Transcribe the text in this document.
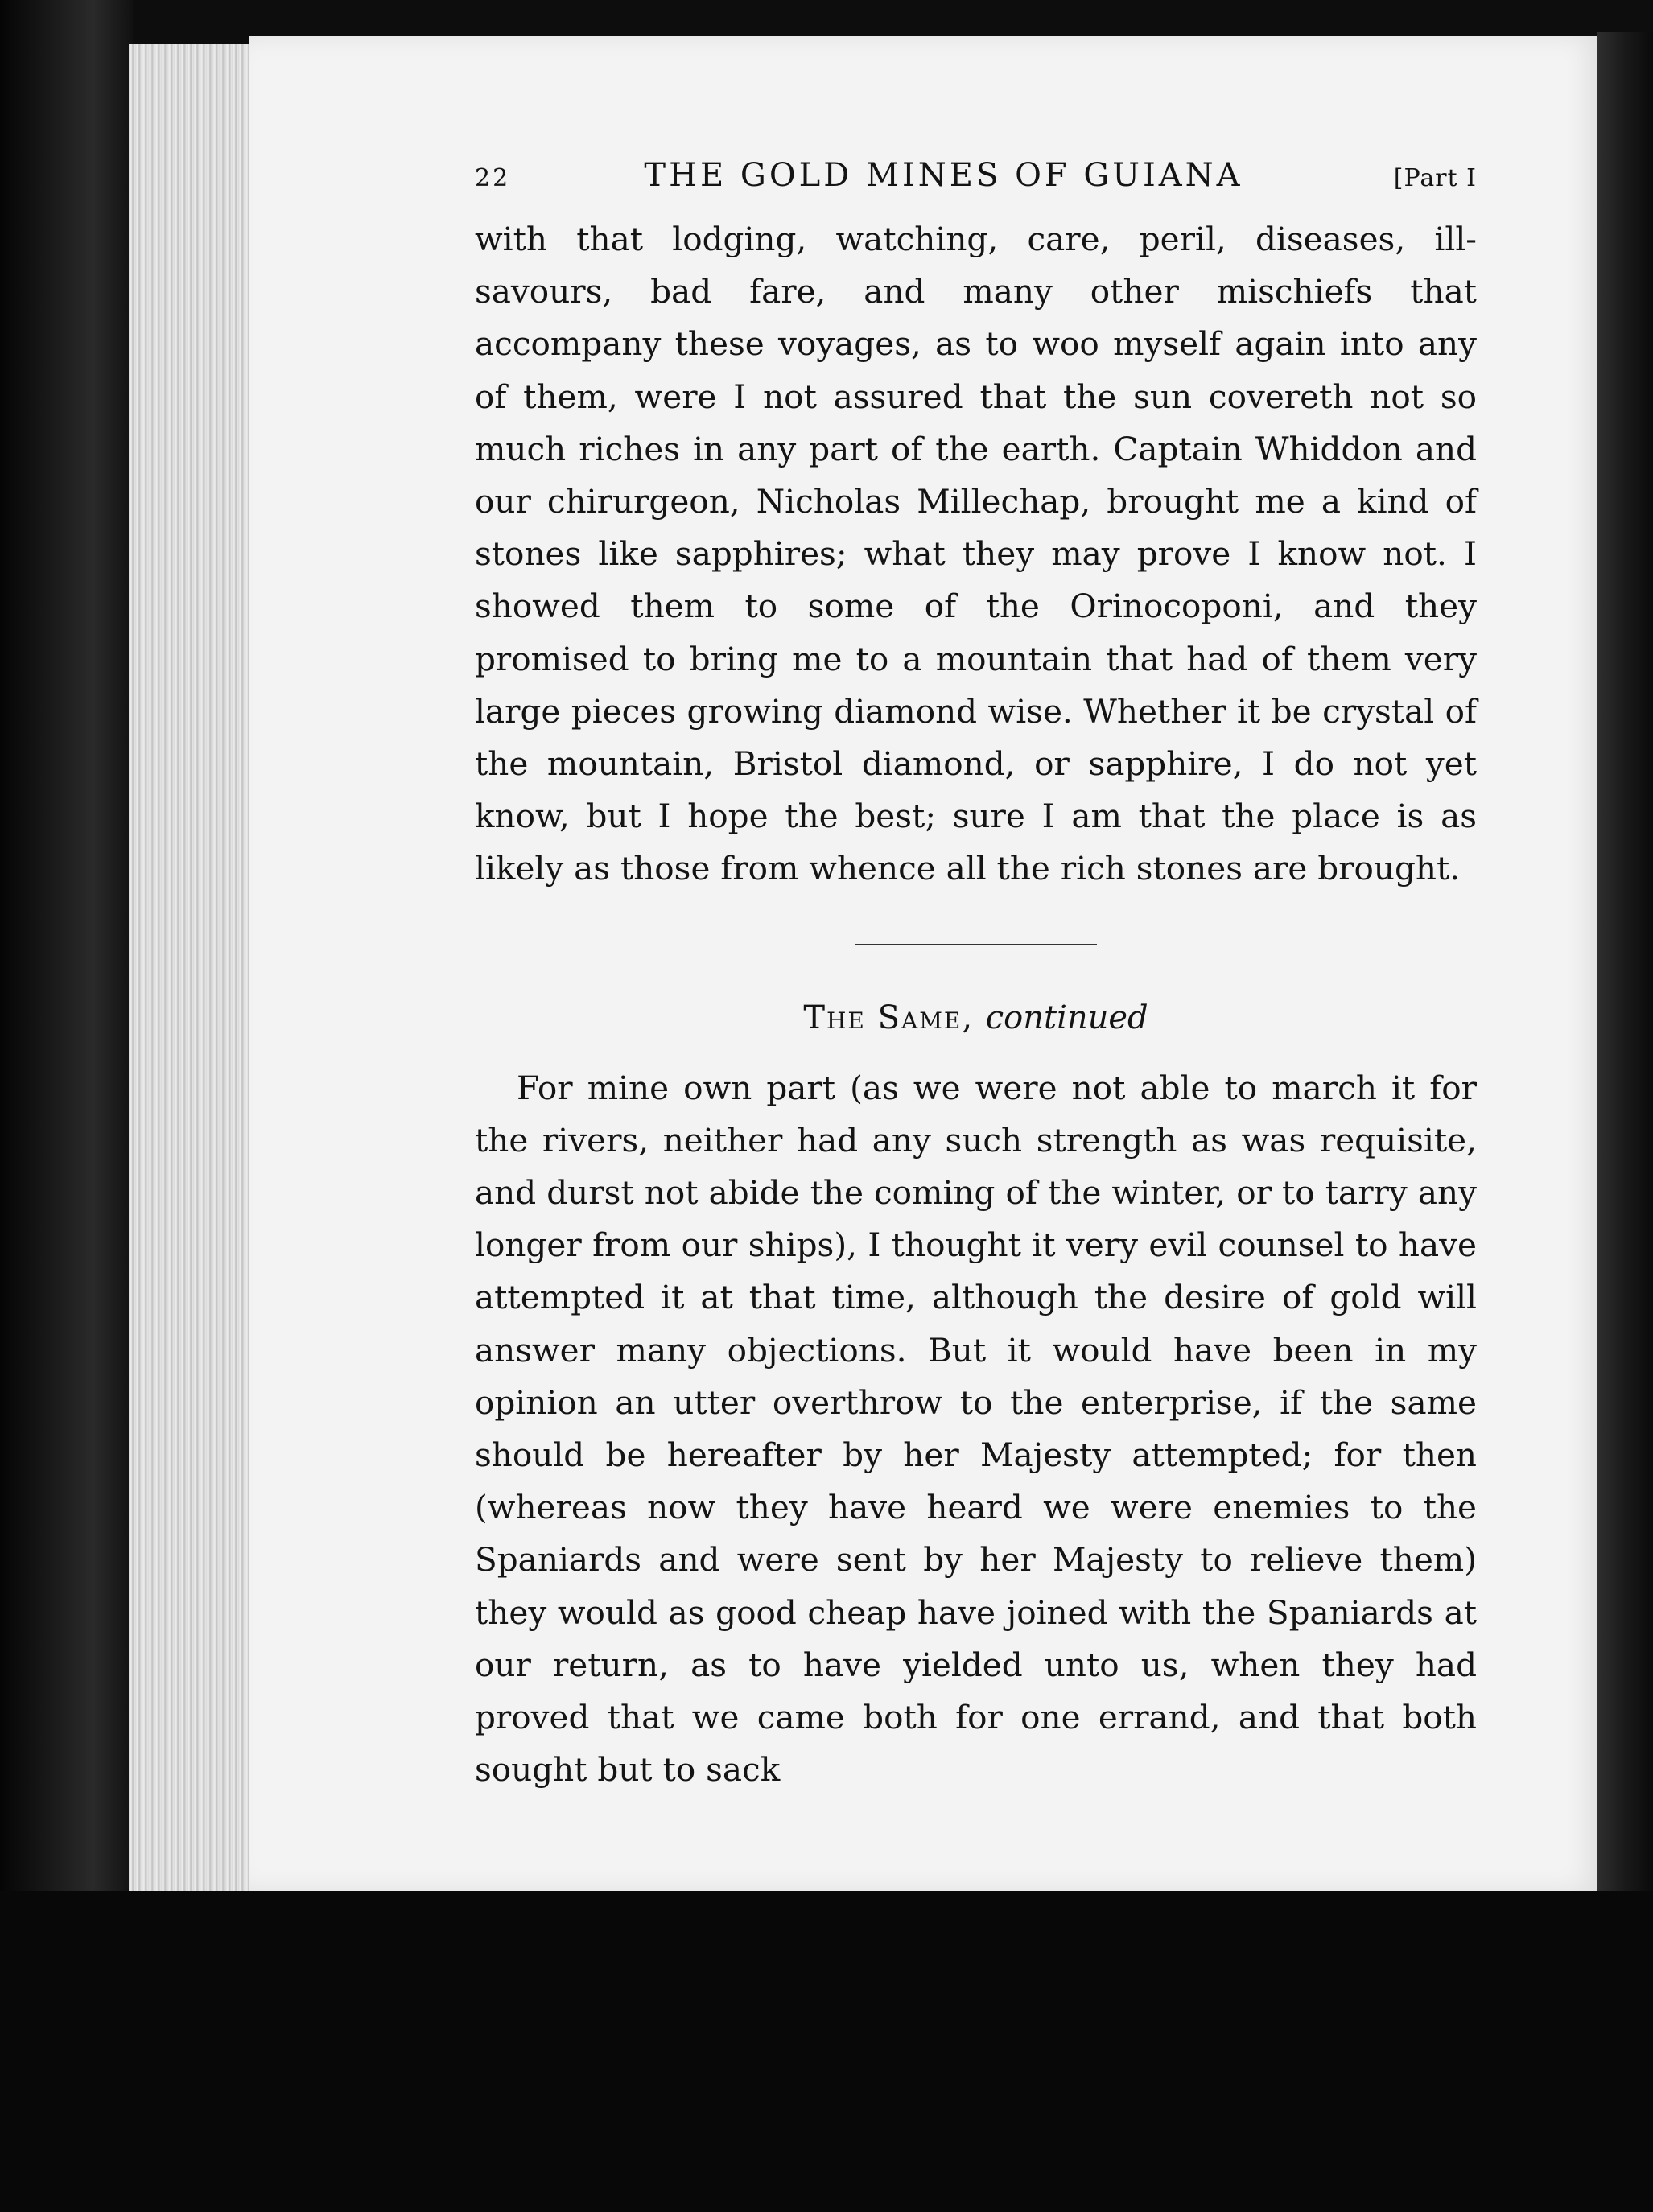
22	THE GOLD MINES OF GUIANA	[Part I

with that lodging, watching, care, peril, diseases, ill-savours, bad fare, and many other mischiefs that accompany these voyages, as to woo myself again into any of them, were I not assured that the sun covereth not so much riches in any part of the earth. Captain Whiddon and our chirurgeon, Nicholas Millechap, brought me a kind of stones like sapphires; what they may prove I know not. I showed them to some of the Orinocoponi, and they promised to bring me to a mountain that had of them very large pieces growing diamond wise. Whether it be crystal of the mountain, Bristol diamond, or sapphire, I do not yet know, but I hope the best; sure I am that the place is as likely as those from whence all the rich stones are brought.

The Same, continued

For mine own part (as we were not able to march it for the rivers, neither had any such strength as was requisite, and durst not abide the coming of the winter, or to tarry any longer from our ships), I thought it very evil counsel to have attempted it at that time, although the desire of gold will answer many objections. But it would have been in my opinion an utter overthrow to the enterprise, if the same should be hereafter by her Majesty attempted; for then (whereas now they have heard we were enemies to the Spaniards and were sent by her Majesty to relieve them) they would as good cheap have joined with the Spaniards at our return, as to have yielded unto us, when they had proved that we came both for one errand, and that both sought but to sack
